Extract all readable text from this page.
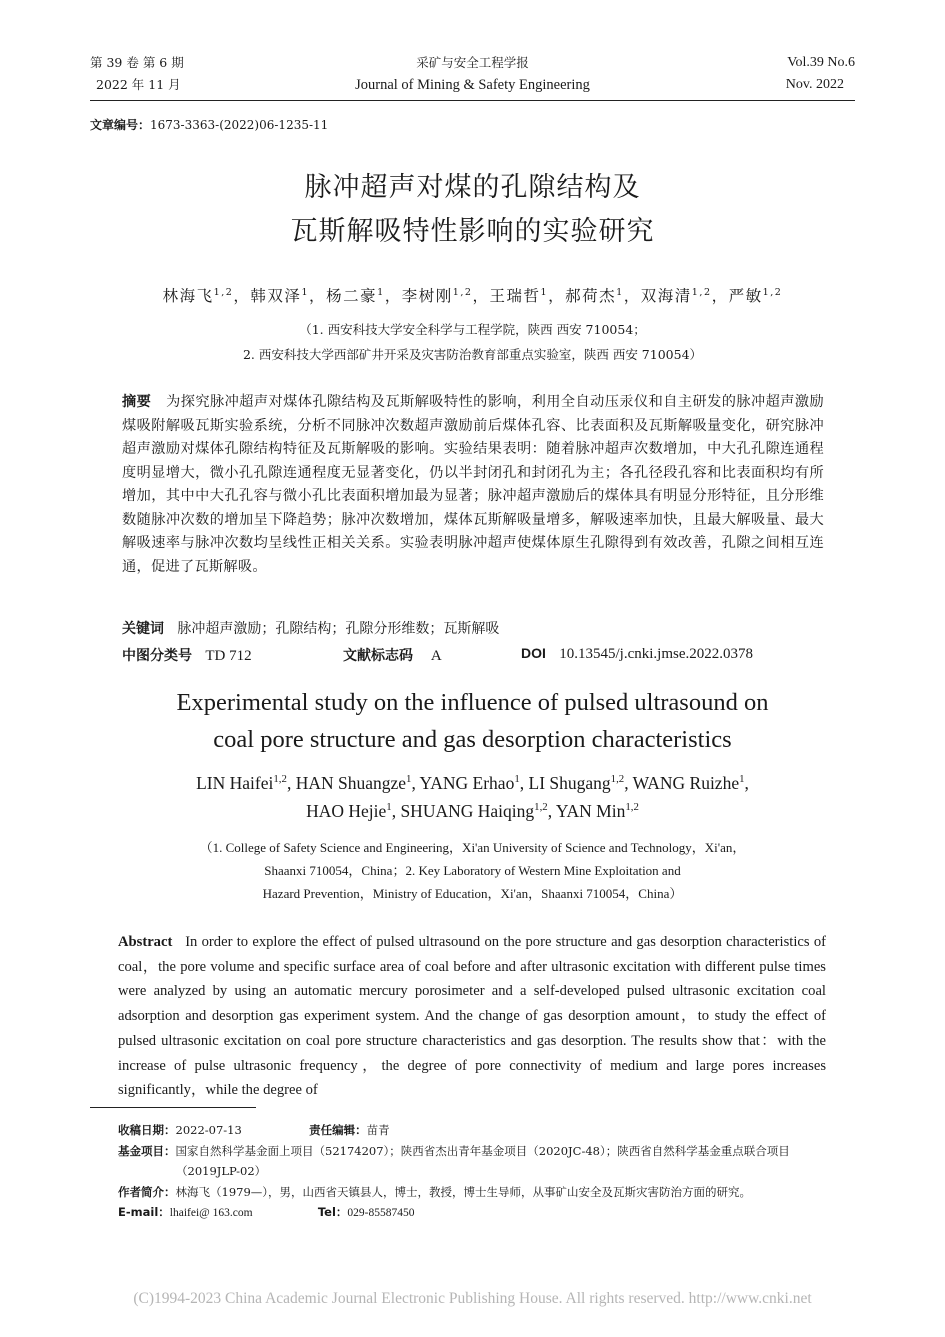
第 39 卷 第 6 期
2022 年 11 月
采矿与安全工程学报
Journal of Mining & Safety Engineering
Vol.39 No.6
Nov. 2022
文章编号：1673-3363-(2022)06-1235-11
脉冲超声对煤的孔隙结构及
瓦斯解吸特性影响的实验研究
林海飞$^{1,2}$，韩双泽$^1$，杨二豪$^1$，李树刚$^{1,2}$，王瑞哲$^1$，郝荷杰$^1$，双海清$^{1,2}$，严敏$^{1,2}$
（1. 西安科技大学安全科学与工程学院，陕西 西安 710054；
2. 西安科技大学西部矿井开采及灾害防治教育部重点实验室，陕西 西安 710054）
摘要 为探究脉冲超声对煤体孔隙结构及瓦斯解吸特性的影响，利用全自动压汞仪和自主研发的脉冲超声激励煤吸附解吸瓦斯实验系统，分析不同脉冲次数超声激励前后煤体孔容、比表面积及瓦斯解吸量变化，研究脉冲超声激励对煤体孔隙结构特征及瓦斯解吸的影响。实验结果表明：随着脉冲超声次数增加，中大孔孔隙连通程度明显增大，微小孔孔隙连通程度无显著变化，仍以半封闭孔和封闭孔为主；各孔径段孔容和比表面积均有所增加，其中中大孔孔容与微小孔比表面积增加最为显著；脉冲超声激励后的煤体具有明显分形特征，且分形维数随脉冲次数的增加呈下降趋势；脉冲次数增加，煤体瓦斯解吸量增多，解吸速率加快，且最大解吸量、最大解吸速率与脉冲次数均呈线性正相关关系。实验表明脉冲超声使煤体原生孔隙得到有效改善，孔隙之间相互连通，促进了瓦斯解吸。
关键词 脉冲超声激励；孔隙结构；孔隙分形维数；瓦斯解吸
中图分类号 TD 712	文献标志码 A	DOI 10.13545/j.cnki.jmse.2022.0378
Experimental study on the influence of pulsed ultrasound on
coal pore structure and gas desorption characteristics
LIN Haifei$^{1,2}$, HAN Shuangze$^1$, YANG Erhao$^1$, LI Shugang$^{1,2}$, WANG Ruizhe$^1$,
HAO Hejie$^1$, SHUANG Haiqing$^{1,2}$, YAN Min$^{1,2}$
（1. College of Safety Science and Engineering，Xi'an University of Science and Technology，Xi'an，
Shaanxi 710054，China；2. Key Laboratory of Western Mine Exploitation and
Hazard Prevention，Ministry of Education，Xi'an，Shaanxi 710054，China）
Abstract In order to explore the effect of pulsed ultrasound on the pore structure and gas desorption characteristics of coal，the pore volume and specific surface area of coal before and after ultrasonic excitation with different pulse times were analyzed by using an automatic mercury porosimeter and a self-developed pulsed ultrasonic excitation coal adsorption and desorption gas experiment system. And the change of gas desorption amount，to study the effect of pulsed ultrasonic excitation on coal pore structure characteristics and gas desorption. The results show that：with the increase of pulse ultrasonic frequency，the degree of pore connectivity of medium and large pores increases significantly，while the degree of
收稿日期：2022-07-13	责任编辑：苗青
基金项目：国家自然科学基金面上项目（52174207）；陕西省杰出青年基金项目（2020JC-48）；陕西省自然科学基金重点联合项目
（2019JLP-02）
作者简介：林海飞（1979—），男，山西省天镇县人，博士，教授，博士生导师，从事矿山安全及瓦斯灾害防治方面的研究。
E-mail：lhaifei@ 163.com	Tel：029-85587450
(C)1994-2023 China Academic Journal Electronic Publishing House. All rights reserved. http://www.cnki.net
